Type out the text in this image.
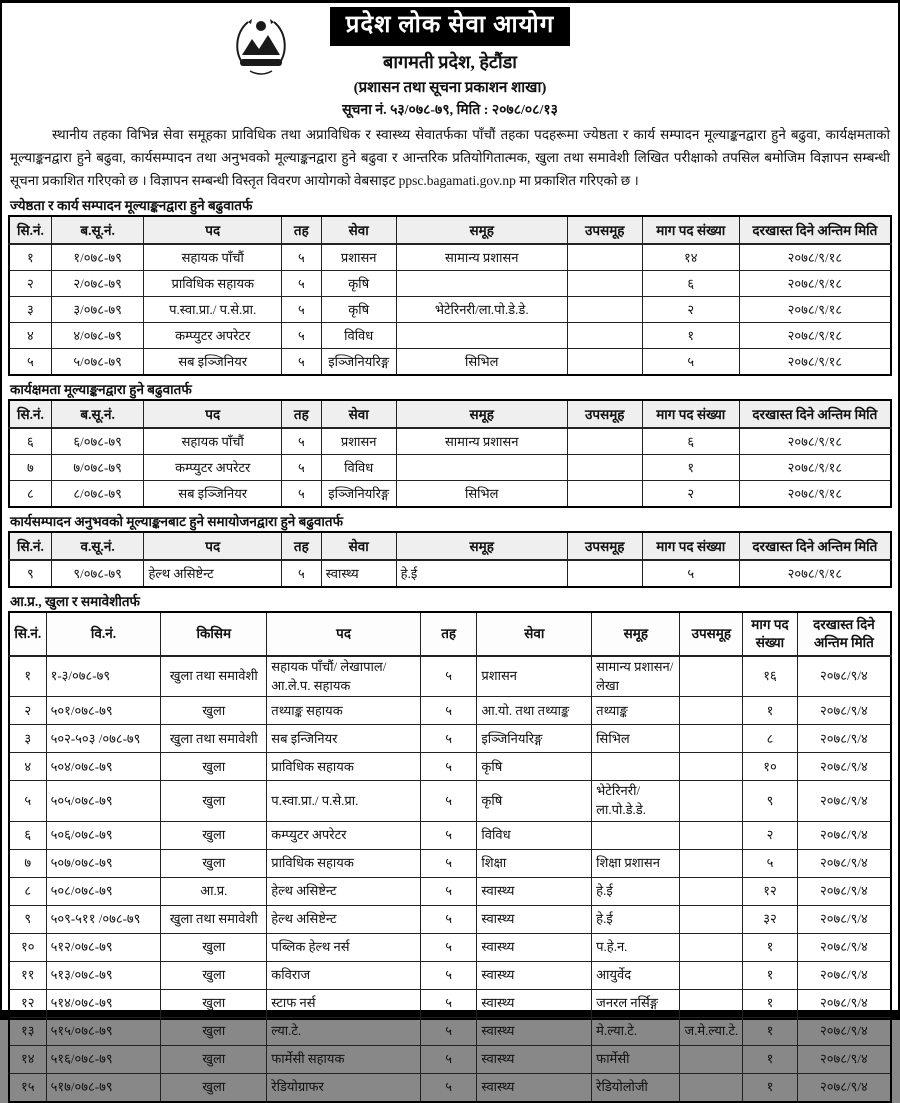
प्रदेश लोक सेवा आयोग
बागमती प्रदेश, हेटौंडा
(प्रशासन तथा सूचना प्रकाशन शाखा)
सूचना नं. ५३/०७८-७९, मिति : २०७८/०८/१३
स्थानीय तहका विभिन्न सेवा समूहका प्राविधिक तथा अप्राविधिक र स्वास्थ्य सेवातर्फका पाँचौं तहका पदहरूमा ज्येष्ठता र कार्य सम्पादन मूल्याङ्कनद्वारा हुने बढुवा, कार्यक्षमताको मूल्याङ्कनद्वारा हुने बढुवा, कार्यसम्पादन तथा अनुभवको मूल्याङ्कनद्वारा हुने बढुवा र आन्तरिक प्रतियोगितात्मक, खुला तथा समावेशी लिखित परीक्षाको तपसिल बमोजिम विज्ञापन सम्बन्धी सूचना प्रकाशित गरिएको छ । विज्ञापन सम्बन्धी विस्तृत विवरण आयोगको वेबसाइट ppsc.bagamati.gov.np मा प्रकाशित गरिएको छ ।
ज्येष्ठता र कार्य सम्पादन मूल्याङ्कनद्वारा हुने बढुवातर्फ
सि.नं.	ब.सू.नं.	पद	तह	सेवा	समूह	उपसमूह	माग पद संख्या	दरखास्त दिने अन्तिम मिति
१	१/०७८-७९	सहायक पाँचौं	५	प्रशासन	सामान्य प्रशासन		१४	२०७८/९/१८
२	२/०७८-७९	प्राविधिक सहायक	५	कृषि			६	२०७८/९/१८
३	३/०७८-७९	प.स्वा.प्रा./ प.से.प्रा.	५	कृषि	भेटेरिनरी/ला.पो.डे.डे.		२	२०७८/९/१८
४	४/०७८-७९	कम्प्युटर अपरेटर	५	विविध			१	२०७८/९/१८
५	५/०७८-७९	सब इञ्जिनियर	५	इञ्जिनियरिङ्ग	सिभिल		५	२०७८/९/१८
कार्यक्षमता मूल्याङ्कनद्वारा हुने बढुवातर्फ
सि.नं.	ब.सू.नं.	पद	तह	सेवा	समूह	उपसमूह	माग पद संख्या	दरखास्त दिने अन्तिम मिति
६	६/०७८-७९	सहायक पाँचौं	५	प्रशासन	सामान्य प्रशासन		६	२०७८/९/१८
७	७/०७८-७९	कम्प्युटर अपरेटर	५	विविध			१	२०७८/९/१८
८	८/०७८-७९	सब इञ्जिनियर	५	इञ्जिनियरिङ्ग	सिभिल		२	२०७८/९/१८
कार्यसम्पादन अनुभवको मूल्याङ्कनबाट हुने समायोजनद्वारा हुने बढुवातर्फ
सि.नं.	व.सू.नं.	पद	तह	सेवा	समूह	उपसमूह	माग पद संख्या	दरखास्त दिने अन्तिम मिति
९	९/०७८-७९	हेल्थ असिष्टेन्ट	५	स्वास्थ्य	हे.ई		५	२०७८/९/१८
आ.प्र., खुला र समावेशीतर्फ
सि.नं.	वि.नं.	किसिम	पद	तह	सेवा	समूह	उपसमूह	माग पद संख्या	दरखास्त दिने अन्तिम मिति
१	१-३/०७८-७९	खुला तथा समावेशी	सहायक पाँचौं/ लेखापाल/ आ.ले.प. सहायक	५	प्रशासन	सामान्य प्रशासन/लेखा		१६	२०७८/९/४
२	५०१/०७८-७९	खुला	तथ्याङ्क सहायक	५	आ.यो. तथा तथ्याङ्क	तथ्याङ्क		१	२०७८/९/४
३	५०२-५०३ /०७८-७९	खुला तथा समावेशी	सब इन्जिनियर	५	इञ्जिनियरिङ्ग	सिभिल		८	२०७८/९/४
४	५०४/०७८-७९	खुला	प्राविधिक सहायक	५	कृषि			१०	२०७८/९/४
५	५०५/०७८-७९	खुला	प.स्वा.प्रा./ प.से.प्रा.	५	कृषि	भेटेरिनरी/ ला.पो.डे.डे.		९	२०७८/९/४
६	५०६/०७८-७९	खुला	कम्प्युटर अपरेटर	५	विविध			२	२०७८/९/४
७	५०७/०७८-७९	खुला	प्राविधिक सहायक	५	शिक्षा	शिक्षा प्रशासन		५	२०७८/९/४
८	५०८/०७८-७९	आ.प्र.	हेल्थ असिष्टेन्ट	५	स्वास्थ्य	हे.ई		१२	२०७८/९/४
९	५०९-५११ /०७८-७९	खुला तथा समावेशी	हेल्थ असिष्टेन्ट	५	स्वास्थ्य	हे.ई		३२	२०७८/९/४
१०	५१२/०७८-७९	खुला	पब्लिक हेल्थ नर्स	५	स्वास्थ्य	प.हे.न.		१	२०७८/९/४
११	५१३/०७८-७९	खुला	कविराज	५	स्वास्थ्य	आयुर्वेद		१	२०७८/९/४
१२	५१४/०७८-७९	खुला	स्टाफ नर्स	५	स्वास्थ्य	जनरल नर्सिङ्ग		१	२०७८/९/४
१३	५१५/०७८-७९	खुला	ल्या.टे.	५	स्वास्थ्य	मे.ल्या.टे.	ज.मे.ल्या.टे.	१	२०७८/९/४
१४	५१६/०७८-७९	खुला	फार्मेसी सहायक	५	स्वास्थ्य	फार्मेसी		१	२०७८/९/४
१५	५१७/०७८-७९	खुला	रेडियोग्राफर	५	स्वास्थ्य	रेडियोलोजी		१	२०७८/९/४
